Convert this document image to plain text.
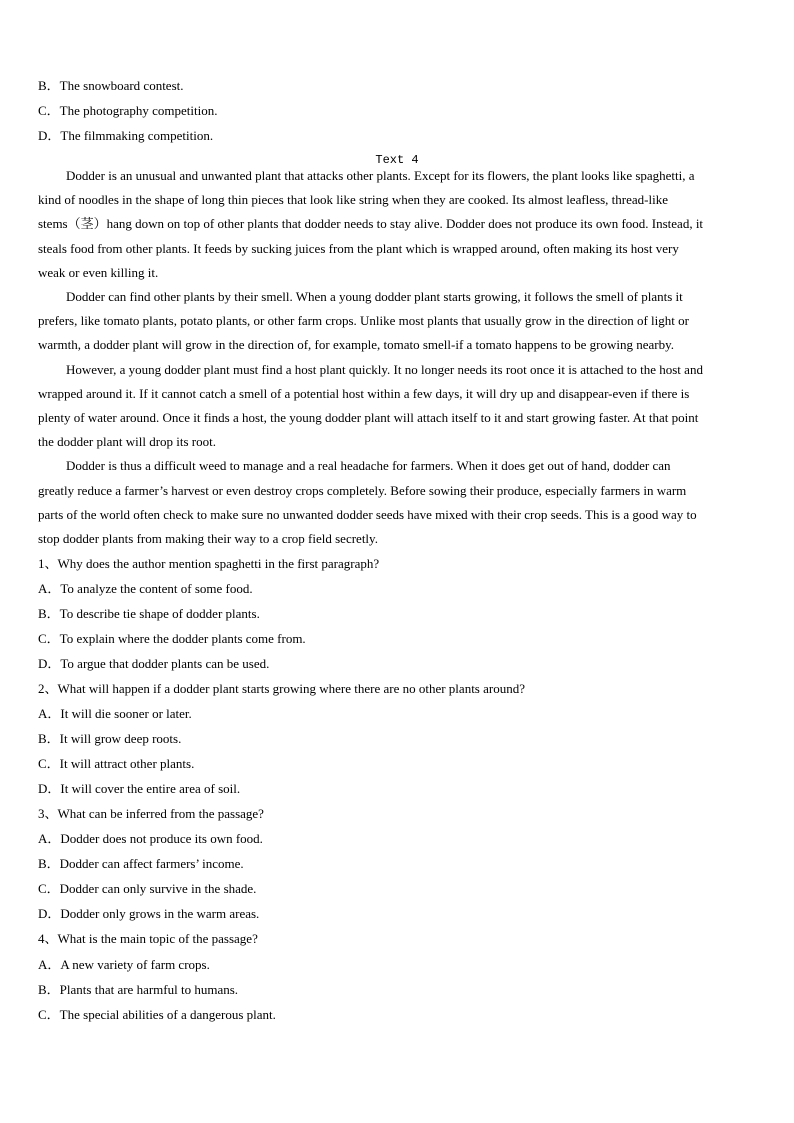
B．The snowboard contest.
C．The photography competition.
D．The filmmaking competition.
Text 4
Dodder is an unusual and unwanted plant that attacks other plants. Except for its flowers, the plant looks like spaghetti, a
kind of noodles in the shape of long thin pieces that look like string when they are cooked. Its almost leafless, thread-like
stems（茎）hang down on top of other plants that dodder needs to stay alive. Dodder does not produce its own food. Instead, it
steals food from other plants. It feeds by sucking juices from the plant which is wrapped around, often making its host very
weak or even killing it.
Dodder can find other plants by their smell. When a young dodder plant starts growing, it follows the smell of plants it
prefers, like tomato plants, potato plants, or other farm crops. Unlike most plants that usually grow in the direction of light or
warmth, a dodder plant will grow in the direction of, for example, tomato smell-if a tomato happens to be growing nearby.
However, a young dodder plant must find a host plant quickly. It no longer needs its root once it is attached to the host and
wrapped around it. If it cannot catch a smell of a potential host within a few days, it will dry up and disappear-even if there is
plenty of water around. Once it finds a host, the young dodder plant will attach itself to it and start growing faster. At that point
the dodder plant will drop its root.
Dodder is thus a difficult weed to manage and a real headache for farmers. When it does get out of hand, dodder can
greatly reduce a farmer’s harvest or even destroy crops completely. Before sowing their produce, especially farmers in warm
parts of the world often check to make sure no unwanted dodder seeds have mixed with their crop seeds. This is a good way to
stop dodder plants from making their way to a crop field secretly.
1、Why does the author mention spaghetti in the first paragraph?
A．To analyze the content of some food.
B．To describe tie shape of dodder plants.
C．To explain where the dodder plants come from.
D．To argue that dodder plants can be used.
2、What will happen if a dodder plant starts growing where there are no other plants around?
A．It will die sooner or later.
B．It will grow deep roots.
C．It will attract other plants.
D．It will cover the entire area of soil.
3、What can be inferred from the passage?
A．Dodder does not produce its own food.
B．Dodder can affect farmers’ income.
C．Dodder can only survive in the shade.
D．Dodder only grows in the warm areas.
4、What is the main topic of the passage?
A．A new variety of farm crops.
B．Plants that are harmful to humans.
C．The special abilities of a dangerous plant.
